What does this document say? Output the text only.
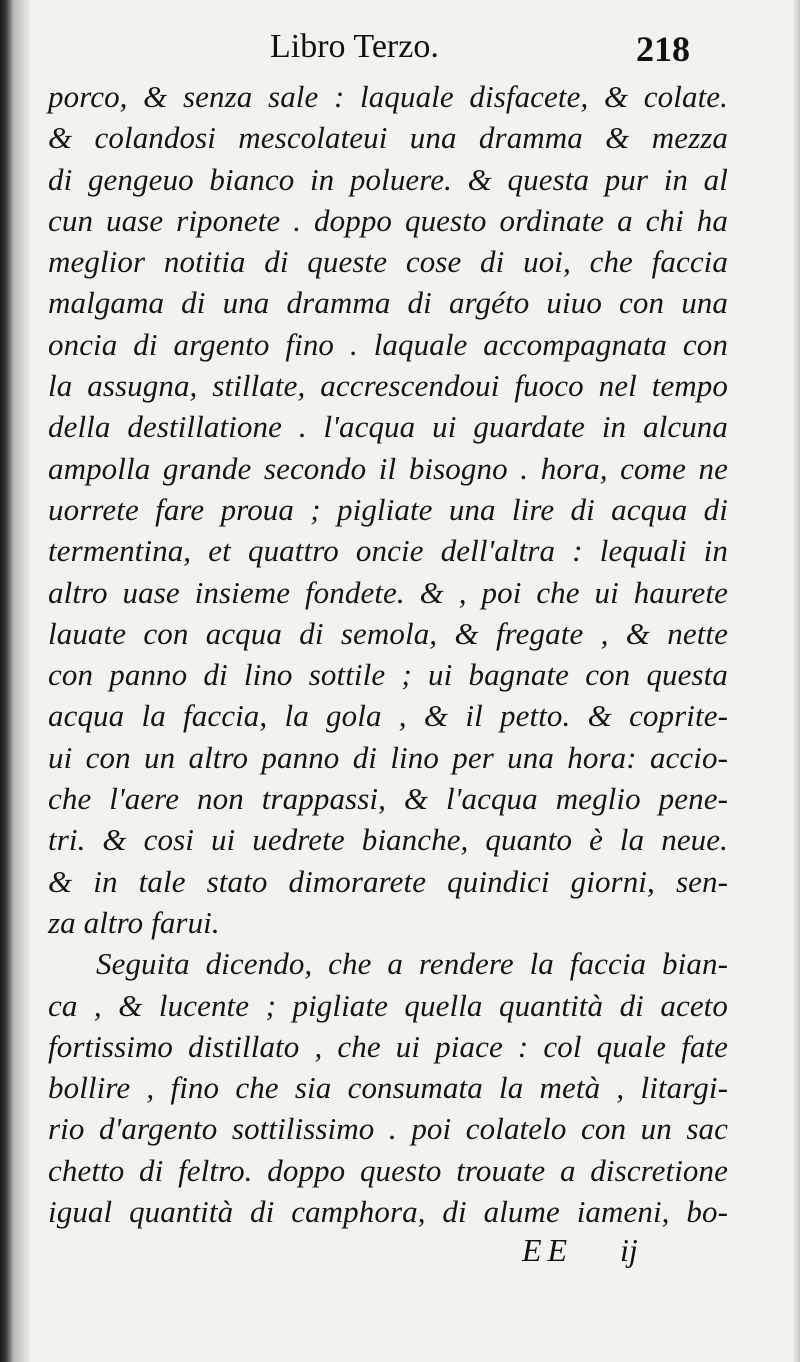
Libro Terzo.	218
porco, & senza sale : laquale disfacete, & colate.
& colandosi mescolateui una dramma & mezza
di gengeuo bianco in poluere. & questa pur in al
cun uase riponete . doppo questo ordinate a chi ha
meglior notitia di queste cose di uoi, che faccia
malgama di una dramma di argéto uiuo con una
oncia di argento fino . laquale accompagnata con
la assugna, stillate, accrescendoui fuoco nel tempo
della destillatione . l'acqua ui guardate in alcuna
ampolla grande secondo il bisogno . hora, come ne
uorrete fare proua ; pigliate una lire di acqua di
termentina, et quattro oncie dell'altra : lequali in
altro uase insieme fondete. & , poi che ui haurete
lauate con acqua di semola, & fregate , & nette
con panno di lino sottile ; ui bagnate con questa
acqua la faccia, la gola , & il petto. & coprite-
ui con un altro panno di lino per una hora: accio-
che l'aere non trappassi, & l'acqua meglio pene-
tri. & cosi ui uedrete bianche, quanto è la neue.
& in tale stato dimorarete quindici giorni, sen-
za altro farui.
Seguita dicendo, che a rendere la faccia bian-
ca , & lucente ; pigliate quella quantità di aceto
fortissimo distillato , che ui piace : col quale fate
bollire , fino che sia consumata la metà , litargi-
rio d'argento sottilissimo . poi colatelo con un sac
chetto di feltro. doppo questo trouate a discretione
igual quantità di camphora, di alume iameni, bo-
EE ij
